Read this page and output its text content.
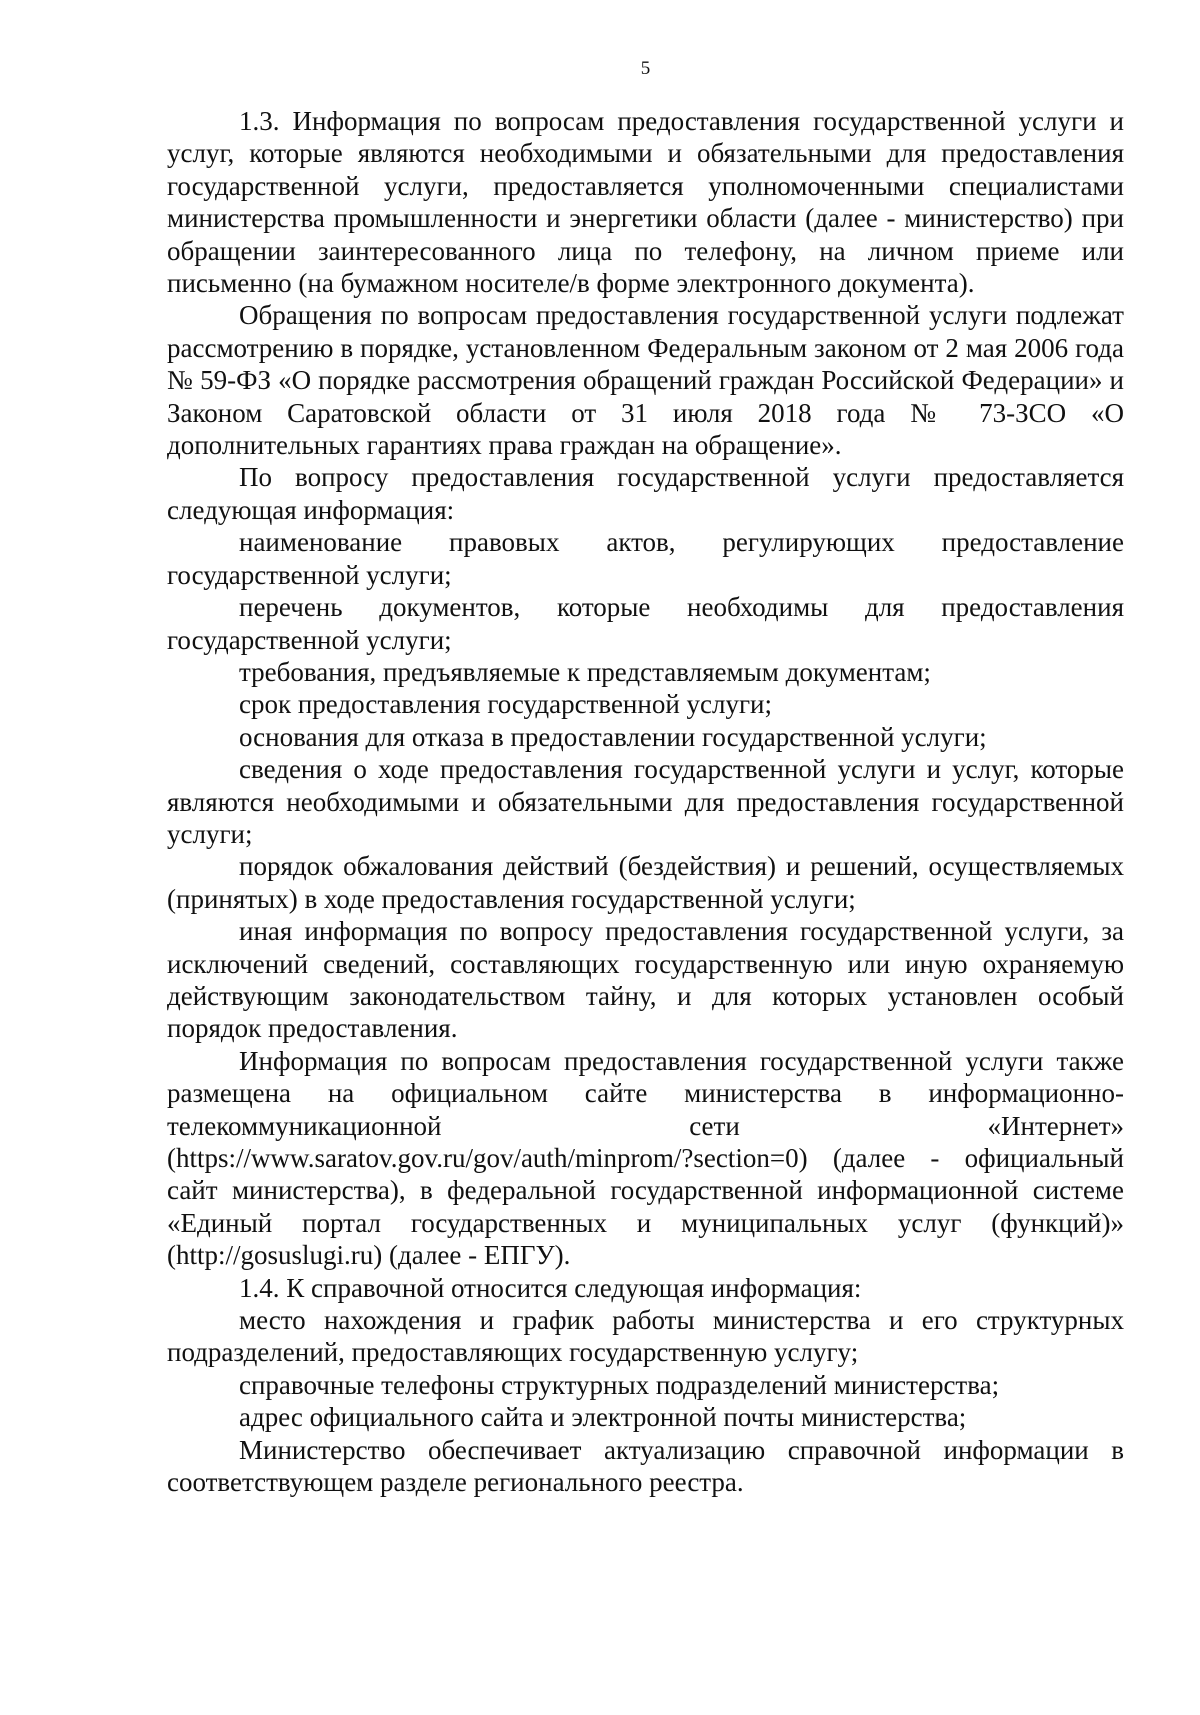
5

1.3. Информация по вопросам предоставления государственной услуги и услуг, которые являются необходимыми и обязательными для предоставления государственной услуги, предоставляется уполномоченными специалистами министерства промышленности и энергетики области (далее - министерство) при обращении заинтересованного лица по телефону, на личном приеме или письменно (на бумажном носителе/в форме электронного документа).

Обращения по вопросам предоставления государственной услуги подлежат рассмотрению в порядке, установленном Федеральным законом от 2 мая 2006 года № 59-ФЗ «О порядке рассмотрения обращений граждан Российской Федерации» и Законом Саратовской области от 31 июля 2018 года № 73-ЗСО «О дополнительных гарантиях права граждан на обращение».

По вопросу предоставления государственной услуги предоставляется следующая информация:

наименование правовых актов, регулирующих предоставление государственной услуги;

перечень документов, которые необходимы для предоставления государственной услуги;

требования, предъявляемые к представляемым документам;

срок предоставления государственной услуги;

основания для отказа в предоставлении государственной услуги;

сведения о ходе предоставления государственной услуги и услуг, которые являются необходимыми и обязательными для предоставления государственной услуги;

порядок обжалования действий (бездействия) и решений, осуществляемых (принятых) в ходе предоставления государственной услуги;

иная информация по вопросу предоставления государственной услуги, за исключений сведений, составляющих государственную или иную охраняемую действующим законодательством тайну, и для которых установлен особый порядок предоставления.

Информация по вопросам предоставления государственной услуги также размещена на официальном сайте министерства в информационно-телекоммуникационной сети «Интернет» (https://www.saratov.gov.ru/gov/auth/minprom/?section=0) (далее - официальный сайт министерства), в федеральной государственной информационной системе «Единый портал государственных и муниципальных услуг (функций)» (http://gosuslugi.ru) (далее - ЕПГУ).

1.4. К справочной относится следующая информация:

место нахождения и график работы министерства и его структурных подразделений, предоставляющих государственную услугу;

справочные телефоны структурных подразделений министерства;

адрес официального сайта и электронной почты министерства;

Министерство обеспечивает актуализацию справочной информации в соответствующем разделе регионального реестра.
